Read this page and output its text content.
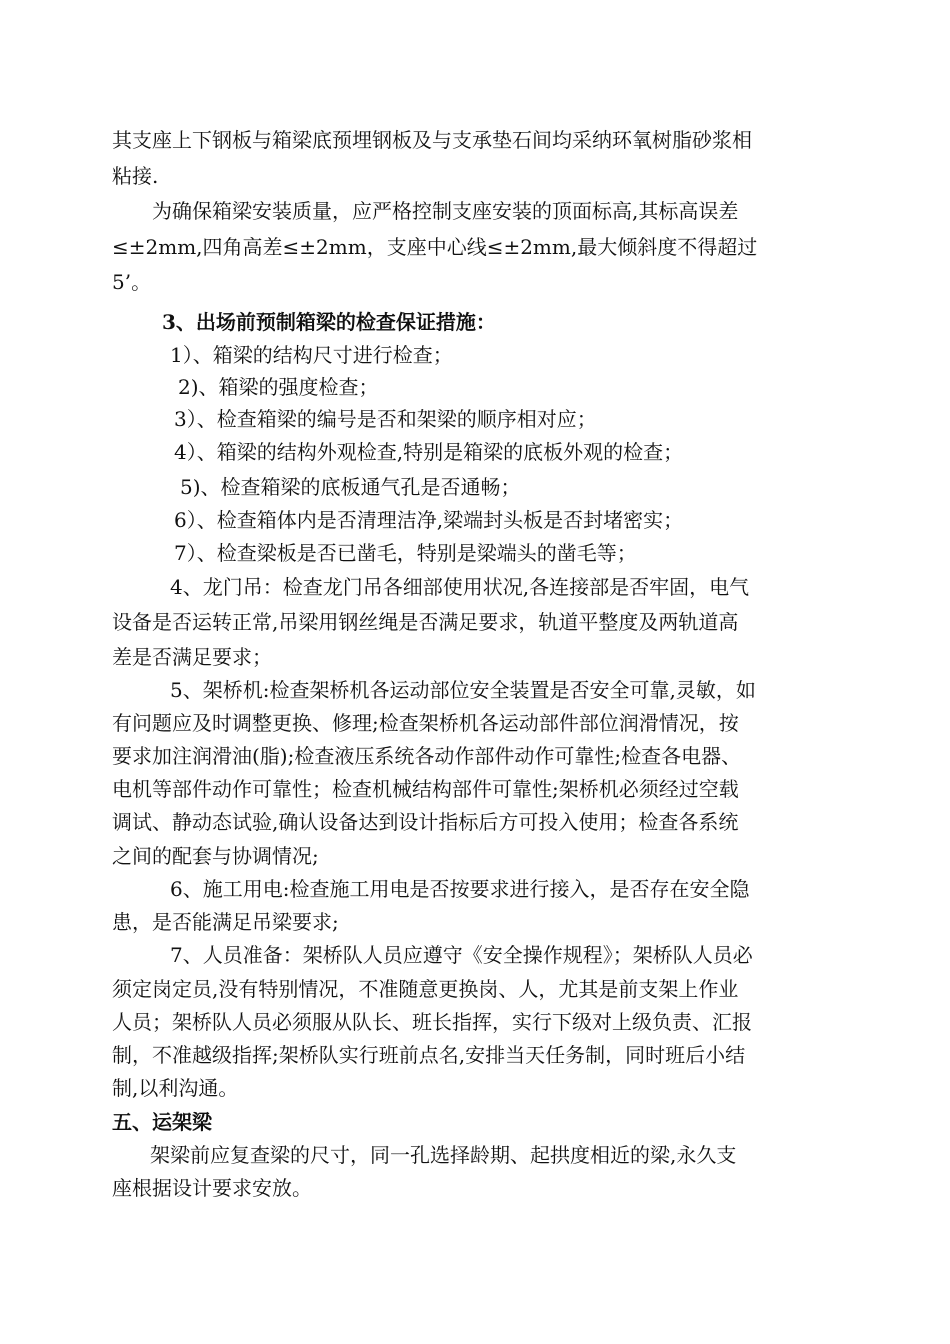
其支座上下钢板与箱梁底预埋钢板及与支承垫石间均采纳环氧树脂砂浆相
粘接.
为确保箱梁安装质量，应严格控制支座安装的顶面标高,其标高误差
≤±2mm,四角高差≤±2mm，支座中心线≤±2mm,最大倾斜度不得超过
5’。
3、出场前预制箱梁的检查保证措施：
1）、箱梁的结构尺寸进行检查；
2)、箱梁的强度检查；
3）、检查箱梁的编号是否和架梁的顺序相对应；
4）、箱梁的结构外观检查,特别是箱梁的底板外观的检查；
5)、检查箱梁的底板通气孔是否通畅；
6）、检查箱体内是否清理洁净,梁端封头板是否封堵密实；
7）、检查梁板是否已凿毛，特别是梁端头的凿毛等；
4、龙门吊：检查龙门吊各细部使用状况,各连接部是否牢固，电气
设备是否运转正常,吊梁用钢丝绳是否满足要求，轨道平整度及两轨道高
差是否满足要求；
5、架桥机:检查架桥机各运动部位安全装置是否安全可靠,灵敏，如
有问题应及时调整更换、修理;检查架桥机各运动部件部位润滑情况，按
要求加注润滑油(脂);检查液压系统各动作部件动作可靠性;检查各电器、
电机等部件动作可靠性；检查机械结构部件可靠性;架桥机必须经过空载
调试、静动态试验,确认设备达到设计指标后方可投入使用；检查各系统
之间的配套与协调情况;
6、施工用电:检查施工用电是否按要求进行接入，是否存在安全隐
患，是否能满足吊梁要求;
7、人员准备：架桥队人员应遵守《安全操作规程》；架桥队人员必
须定岗定员,没有特别情况，不准随意更换岗、人，尤其是前支架上作业
人员；架桥队人员必须服从队长、班长指挥，实行下级对上级负责、汇报
制，不准越级指挥;架桥队实行班前点名,安排当天任务制，同时班后小结
制,以利沟通。
五、运架梁
架梁前应复查梁的尺寸，同一孔选择龄期、起拱度相近的梁,永久支
座根据设计要求安放。
